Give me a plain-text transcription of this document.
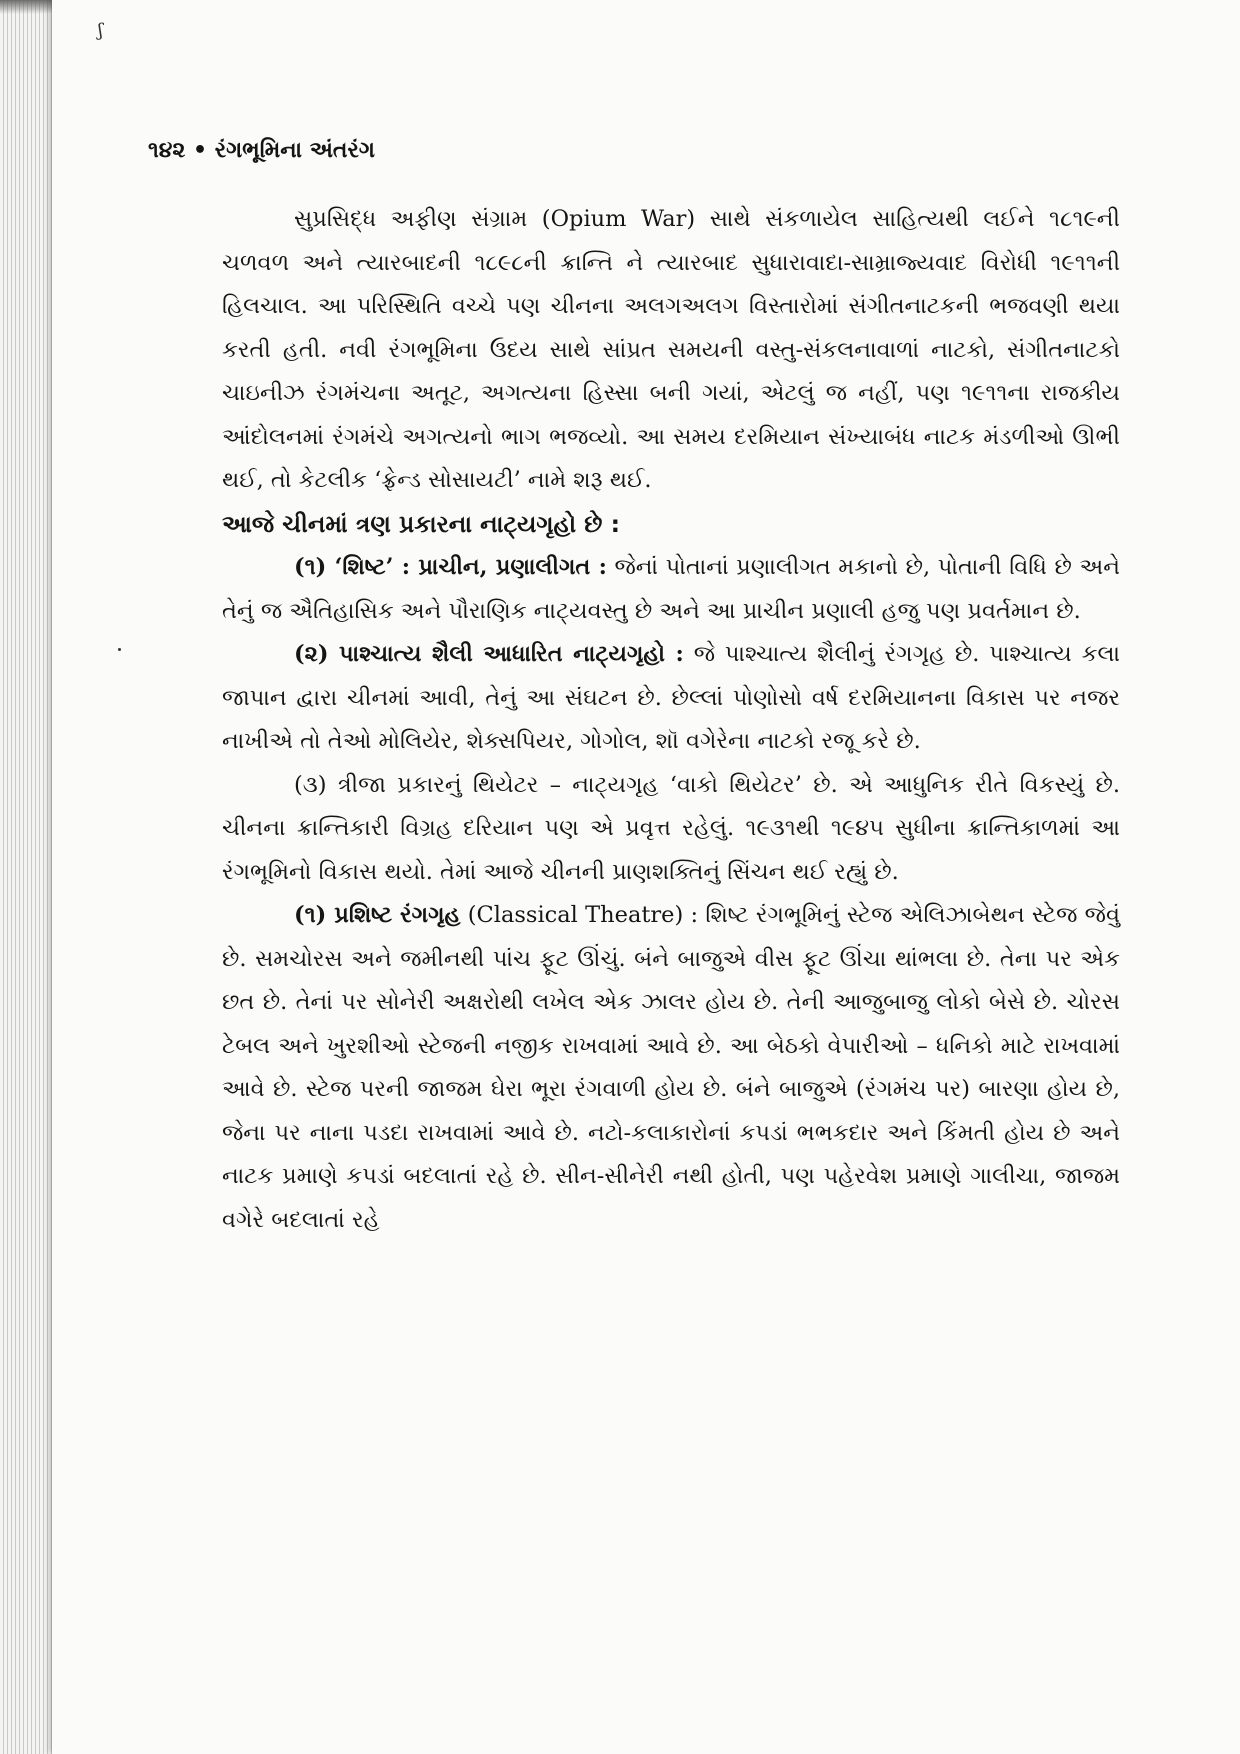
ʃ
૧૪૨ • રંગભૂમિના અંતરંગ

સુપ્રસિદ્ધ અફીણ સંગ્રામ (Opium War) સાથે સંકળાયેલ સાહિત્યથી લઈને ૧૮૧૯ની ચળવળ અને ત્યારબાદની ૧૮૯૮ની ક્રાન્તિ ને ત્યારબાદ સુધારાવાદા-સામ્રાજ્યવાદ વિરોધી ૧૯૧૧ની હિલચાલ. આ પરિસ્થિતિ વચ્ચે પણ ચીનના અલગઅલગ વિસ્તારોમાં સંગીતનાટકની ભજવણી થયા કરતી હતી. નવી રંગભૂમિના ઉદય સાથે સાંપ્રત સમયની વસ્તુ-સંકલનાવાળાં નાટકો, સંગીતનાટકો ચાઇનીઝ રંગમંચના અતૂટ, અગત્યના હિસ્સા બની ગયાં, એટલું જ નહીં, પણ ૧૯૧૧ના રાજકીય આંદોલનમાં રંગમંચે અગત્યનો ભાગ ભજવ્યો. આ સમય દરમિયાન સંખ્યાબંધ નાટક મંડળીઓ ઊભી થઈ, તો કેટલીક ‘ફ્રેન્ડ સોસાયટી’ નામે શરૂ થઈ.

આજે ચીનમાં ત્રણ પ્રકારના નાટ્યગૃહો છે :

(૧) ‘શિષ્ટ’ : પ્રાચીન, પ્રણાલીગત : જેનાં પોતાનાં પ્રણાલીગત મકાનો છે, પોતાની વિધિ છે અને તેનું જ ઐતિહાસિક અને પૌરાણિક નાટ્યવસ્તુ છે અને આ પ્રાચીન પ્રણાલી હજુ પણ પ્રવર્તમાન છે.

(૨) પાશ્ચાત્ય શૈલી આધારિત નાટ્યગૃહો : જે પાશ્ચાત્ય શૈલીનું રંગગૃહ છે. પાશ્ચાત્ય કલા જાપાન દ્વારા ચીનમાં આવી, તેનું આ સંઘટન છે. છેલ્લાં પોણોસો વર્ષ દરમિયાનના વિકાસ પર નજર નાખીએ તો તેઓ મોલિયેર, શેક્સપિયર, ગોગોલ, શૉ વગેરેના નાટકો રજૂ કરે છે.

(૩) ત્રીજા પ્રકારનું થિયેટર – નાટ્યગૃહ ‘વાકો થિયેટર’ છે. એ આધુનિક રીતે વિકસ્યું છે. ચીનના ક્રાન્તિકારી વિગ્રહ દરિયાન પણ એ પ્રવૃત્ત રહેલું. ૧૯૩૧થી ૧૯૪૫ સુધીના ક્રાન્તિકાળમાં આ રંગભૂમિનો વિકાસ થયો. તેમાં આજે ચીનની પ્રાણશક્તિનું સિંચન થઈ રહ્યું છે.

(૧) પ્રશિષ્ટ રંગગૃહ (Classical Theatre) : શિષ્ટ રંગભૂમિનું સ્ટેજ એલિઝાબેથન સ્ટેજ જેવું છે. સમચોરસ અને જમીનથી પાંચ ફૂટ ઊંચું. બંને બાજુએ વીસ ફૂટ ઊંચા થાંભલા છે. તેના પર એક છત છે. તેનાં પર સોનેરી અક્ષરોથી લખેલ એક ઝાલર હોય છે. તેની આજુબાજુ લોકો બેસે છે. ચોરસ ટેબલ અને ખુરશીઓ સ્ટેજની નજીક રાખવામાં આવે છે. આ બેઠકો વેપારીઓ – ધનિકો માટે રાખવામાં આવે છે. સ્ટેજ પરની જાજમ ઘેરા ભૂરા રંગવાળી હોય છે. બંને બાજુએ (રંગમંચ પર) બારણા હોય છે, જેના પર નાના પડદા રાખવામાં આવે છે. નટો-કલાકારોનાં કપડાં ભભકદાર અને કિંમતી હોય છે અને નાટક પ્રમાણે કપડાં બદલાતાં રહે છે. સીન-સીનેરી નથી હોતી, પણ પહેરવેશ પ્રમાણે ગાલીચા, જાજમ વગેરે બદલાતાં રહે
